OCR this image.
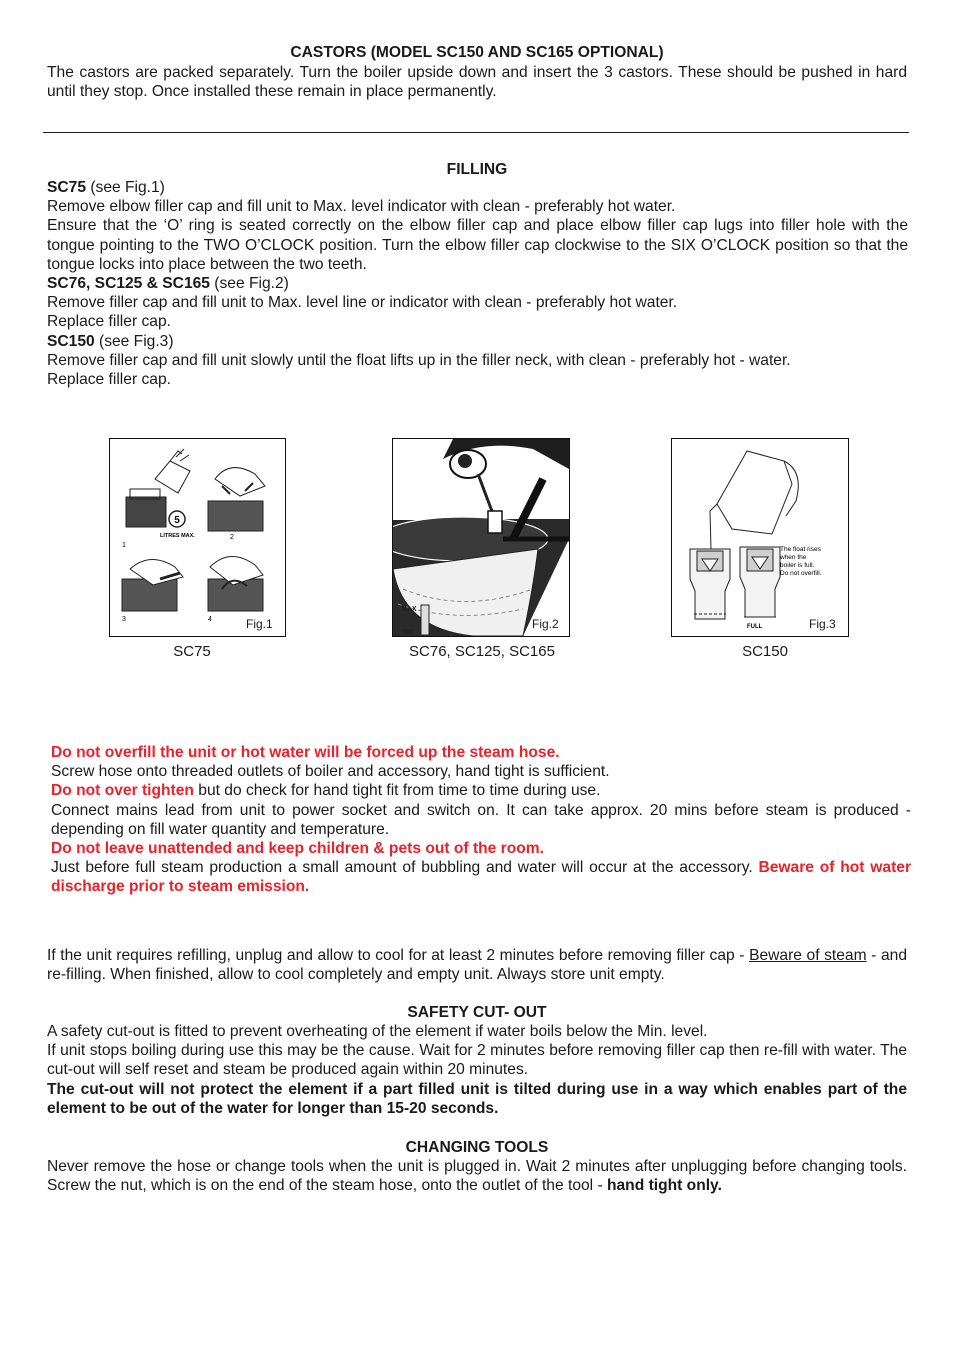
CASTORS (MODEL SC150 AND SC165 OPTIONAL)
The castors are packed separately. Turn the boiler upside down and insert the 3 castors. These should be pushed in hard until they stop. Once installed these remain in place permanently.
FILLING
SC75 (see Fig.1)
Remove elbow filler cap and fill unit to Max. level indicator with clean - preferably hot water.
Ensure that the ‘O’ ring is seated correctly on the elbow filler cap and place elbow filler cap lugs into filler hole with the tongue pointing to the TWO O’CLOCK position. Turn the elbow filler cap clockwise to the SIX O’CLOCK position so that the tongue locks into place between the two teeth.
SC76, SC125 & SC165 (see Fig.2)
Remove filler cap and fill unit to Max. level line or indicator with clean - preferably hot water.
Replace filler cap.
SC150 (see Fig.3)
Remove filler cap and fill unit slowly until the float lifts up in the filler neck, with clean - preferably hot - water.
Replace filler cap.
5
LITRES MAX.
1
2
3	4	Fig.1
SC75
MAX
MIN
Fig.2
SC76, SC125, SC165
The float rises
when the
boiler is full.
Do not overfill.
FULL	Fig.3
SC150
Do not overfill the unit or hot water will be forced up the steam hose.
Screw hose onto threaded outlets of boiler and accessory, hand tight is sufficient.
Do not over tighten but do check for hand tight fit from time to time during use.
Connect mains lead from unit to power socket and switch on. It can take approx. 20 mins before steam is produced - depending on fill water quantity and temperature.
Do not leave unattended and keep children & pets out of the room.
Just before full steam production a small amount of bubbling and water will occur at the accessory. Beware of hot water discharge prior to steam emission.
If the unit requires refilling, unplug and allow to cool for at least 2 minutes before removing filler cap - Beware of steam - and re-filling. When finished, allow to cool completely and empty unit. Always store unit empty.
SAFETY CUT- OUT
A safety cut-out is fitted to prevent overheating of the element if water boils below the Min. level.
If unit stops boiling during use this may be the cause. Wait for 2 minutes before removing filler cap then re-fill with water. The cut-out will self reset and steam be produced again within 20 minutes.
The cut-out will not protect the element if a part filled unit is tilted during use in a way which enables part of the element to be out of the water for longer than 15-20 seconds.
CHANGING TOOLS
Never remove the hose or change tools when the unit is plugged in. Wait 2 minutes after unplugging before changing tools. Screw the nut, which is on the end of the steam hose, onto the outlet of the tool - hand tight only.
